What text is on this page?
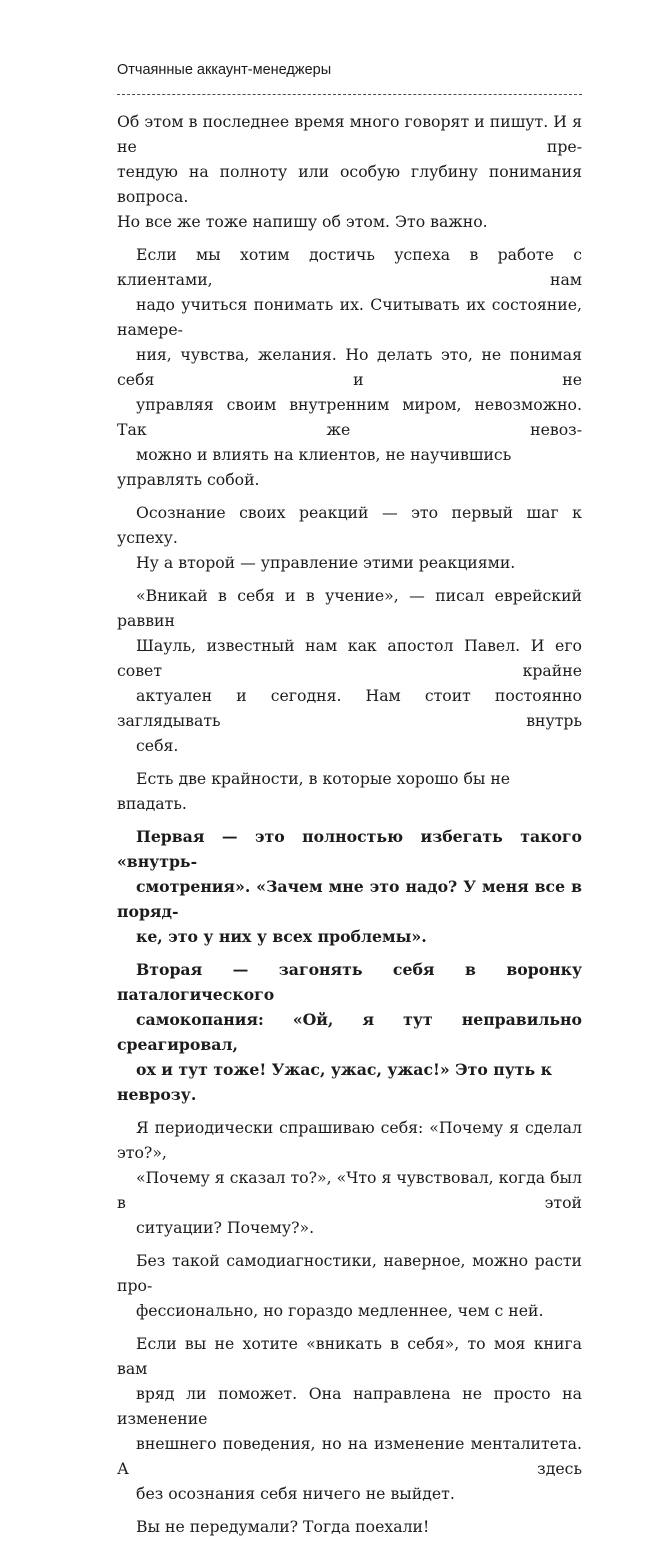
Отчаянные аккаунт-менеджеры

Об этом в последнее время много говорят и пишут. И я не пре-
тендую на полноту или особую глубину понимания вопроса.
Но все же тоже напишу об этом. Это важно.

Если мы хотим достичь успеха в работе с клиентами, нам
надо учиться понимать их. Считывать их состояние, намере-
ния, чувства, желания. Но делать это, не понимая себя и не
управляя своим внутренним миром, невозможно. Так же невоз-
можно и влиять на клиентов, не научившись управлять собой.

Осознание своих реакций — это первый шаг к успеху.
Ну а второй — управление этими реакциями.

«Вникай в себя и в учение», — писал еврейский раввин
Шауль, известный нам как апостол Павел. И его совет крайне
актуален и сегодня. Нам стоит постоянно заглядывать внутрь
себя.

Есть две крайности, в которые хорошо бы не впадать.

Первая — это полностью избегать такого «внутрь-
смотрения». «Зачем мне это надо? У меня все в поряд-
ке, это у них у всех проблемы».

Вторая — загонять себя в воронку паталогического
самокопания: «Ой, я тут неправильно среагировал,
ох и тут тоже! Ужас, ужас, ужас!» Это путь к неврозу.

Я периодически спрашиваю себя: «Почему я сделал это?»,
«Почему я сказал то?», «Что я чувствовал, когда был в этой
ситуации? Почему?».

Без такой самодиагностики, наверное, можно расти про-
фессионально, но гораздо медленнее, чем с ней.

Если вы не хотите «вникать в себя», то моя книга вам
вряд ли поможет. Она направлена не просто на изменение
внешнего поведения, но на изменение менталитета. А здесь
без осознания себя ничего не выйдет.

Вы не передумали? Тогда поехали!
